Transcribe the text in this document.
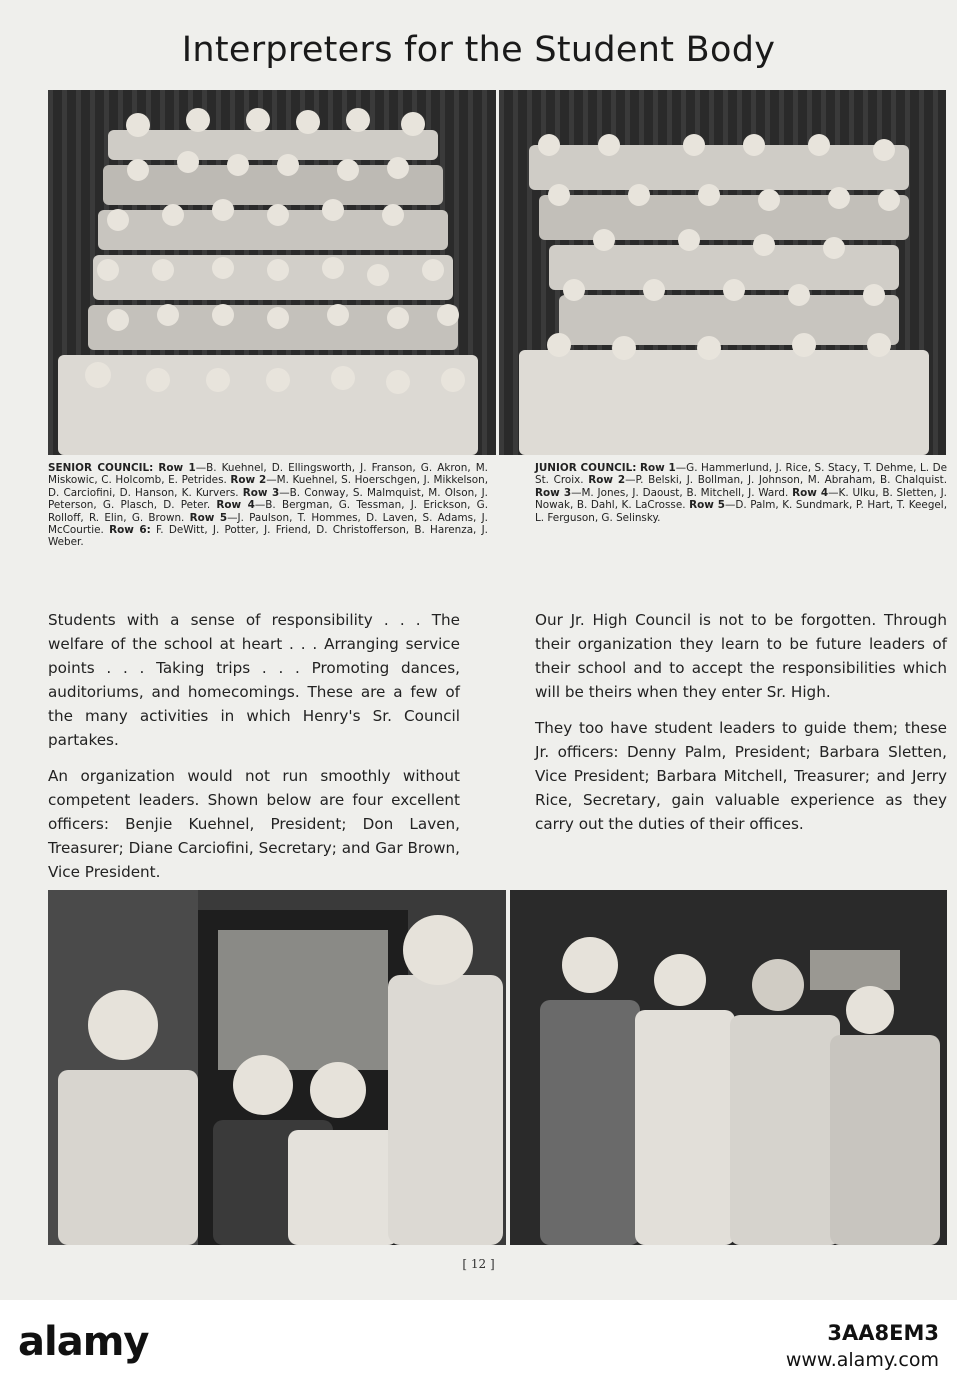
Interpreters for the Student Body
SENIOR COUNCIL: Row 1—B. Kuehnel, D. Ellingsworth, J. Franson, G. Akron, M. Miskowic, C. Holcomb, E. Petrides. Row 2—M. Kuehnel, S. Hoerschgen, J. Mikkelson, D. Carciofini, D. Hanson, K. Kurvers. Row 3—B. Conway, S. Malmquist, M. Olson, J. Peterson, G. Plasch, D. Peter. Row 4—B. Bergman, G. Tessman, J. Erickson, G. Rolloff, R. Elin, G. Brown. Row 5—J. Paulson, T. Hommes, D. Laven, S. Adams, J. McCourtie. Row 6: F. DeWitt, J. Potter, J. Friend, D. Christofferson, B. Harenza, J. Weber.
JUNIOR COUNCIL: Row 1—G. Hammerlund, J. Rice, S. Stacy, T. Dehme, L. De St. Croix. Row 2—P. Belski, J. Bollman, J. Johnson, M. Abraham, B. Chalquist. Row 3—M. Jones, J. Daoust, B. Mitchell, J. Ward. Row 4—K. Ulku, B. Sletten, J. Nowak, B. Dahl, K. LaCrosse. Row 5—D. Palm, K. Sundmark, P. Hart, T. Keegel, L. Ferguson, G. Selinsky.

Students with a sense of responsibility . . . The welfare of the school at heart . . . Arranging service points . . . Taking trips . . . Promoting dances, auditoriums, and homecomings. These are a few of the many activities in which Henry's Sr. Council partakes.

An organization would not run smoothly without competent leaders. Shown below are four excellent officers: Benjie Kuehnel, President; Don Laven, Treasurer; Diane Carciofini, Secretary; and Gar Brown, Vice President.

Our Jr. High Council is not to be forgotten. Through their organization they learn to be future leaders of their school and to accept the responsibilities which will be theirs when they enter Sr. High.

They too have student leaders to guide them; these Jr. officers: Denny Palm, President; Barbara Sletten, Vice President; Barbara Mitchell, Treasurer; and Jerry Rice, Secretary, gain valuable experience as they carry out the duties of their offices.

[ 12 ]
alamy	3AA8EM3
www.alamy.com
